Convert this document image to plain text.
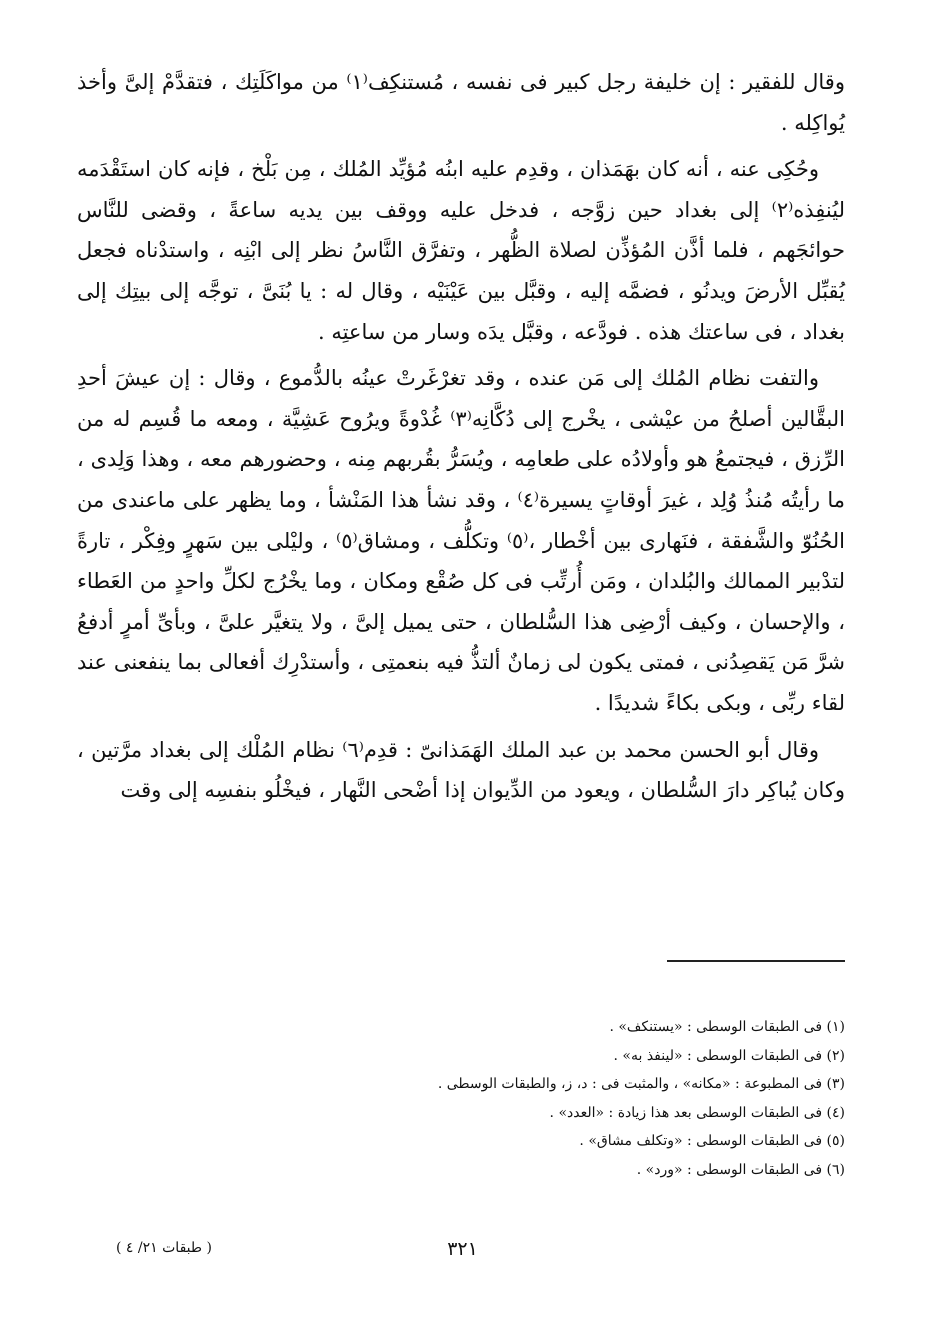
وقال للفقير : إن خليفة رجل كبير فى نفسه ، مُستنكِف⁽١⁾ من مواكَلَتِك ، فتقدَّمْ إلىَّ وأخذ يُواكِله .

وحُكِى عنه ، أنه كان بهَمَذان ، وقدِم عليه ابنُه مُؤيِّد المُلك ، مِن بَلْخ ، فإنه كان استَقْدَمه ليُنفِذه⁽٢⁾ إلى بغداد حين زوَّجه ، فدخل عليه ووقف بين يديه ساعةً ، وقضى للنَّاس حوائجَهم ، فلما أذَّن المُؤذِّن لصلاة الظُّهر ، وتفرَّق النَّاسُ نظر إلى ابْنِه ، واستدْناه فجعل يُقبِّل الأرضَ ويدنُو ، فضمَّه إليه ، وقبَّل بين عَيْنَيْه ، وقال له : يا بُنَىَّ ، توجَّه إلى بيتِك إلى بغداد ، فى ساعتك هذه . فودَّعه ، وقبَّل يدَه وسار من ساعتِه .

والتفت نظام المُلك إلى مَن عنده ، وقد تغرْغَرتْ عينُه بالدُّموع ، وقال : إن عيشَ أحدِ البقَّالين أصلحُ من عيْشى ، يخْرج إلى دُكَّانِه⁽٣⁾ غُدْوةً ويرُوح عَشِيَّة ، ومعه ما قُسِم له من الرِّزق ، فيجتمعُ هو وأولادُه على طعامِه ، ويُسَرُّ بقُربهم مِنه ، وحضورهم معه ، وهذا وَلِدى ، ما رأيتُه مُنذُ وُلِد ، غيرَ أوقاتٍ يسيرة⁽٤⁾ ، وقد نشأ هذا المَنْشأ ، وما يظهر على ماعندى من الحُنُوّ والشَّفقة ، فنَهارى بين أخْطار ،⁽٥⁾ وتكلُّف ، ومشاق⁽٥⁾ ، وليْلى بين سَهرٍ وفِكْر ، تارةً لتدْبير الممالك والبُلدان ، ومَن أُرتِّب فى كل صُقْع ومكان ، وما يخْرُج لكلِّ واحدٍ من العَطاء ، والإحسان ، وكيف أرْضِى هذا السُّلطان ، حتى يميل إلىَّ ، ولا يتغيَّر علىَّ ، وبأىِّ أمرٍ أدفعُ شرَّ مَن يَقصِدُنى ، فمتى يكون لى زمانٌ ألتذُّ فيه بنعمتِى ، وأستدْرِك أفعالى بما ينفعنى عند لقاء ربِّى ، وبكى بكاءً شديدًا .

وقال أبو الحسن محمد بن عبد الملك الهَمَذانىّ : قدِم⁽٦⁾ نظام المُلْك إلى بغداد مرَّتين ، وكان يُباكِر دارَ السُّلطان ، ويعود من الدِّيوان إذا أضْحى النَّهار ، فيخْلُو بنفسِه إلى وقت

(١) فى الطبقات الوسطى : «يستنكف» .
(٢) فى الطبقات الوسطى : «لينفذ به» .
(٣) فى المطبوعة : «مكانه» ، والمثبت فى : د، ز، والطبقات الوسطى .
(٤) فى الطبقات الوسطى بعد هذا زيادة : «العدد» .
(٥) فى الطبقات الوسطى : «وتكلف مشاق» .
(٦) فى الطبقات الوسطى : «ورد» .
٣٢١
( طبقات ٢١/ ٤ )
